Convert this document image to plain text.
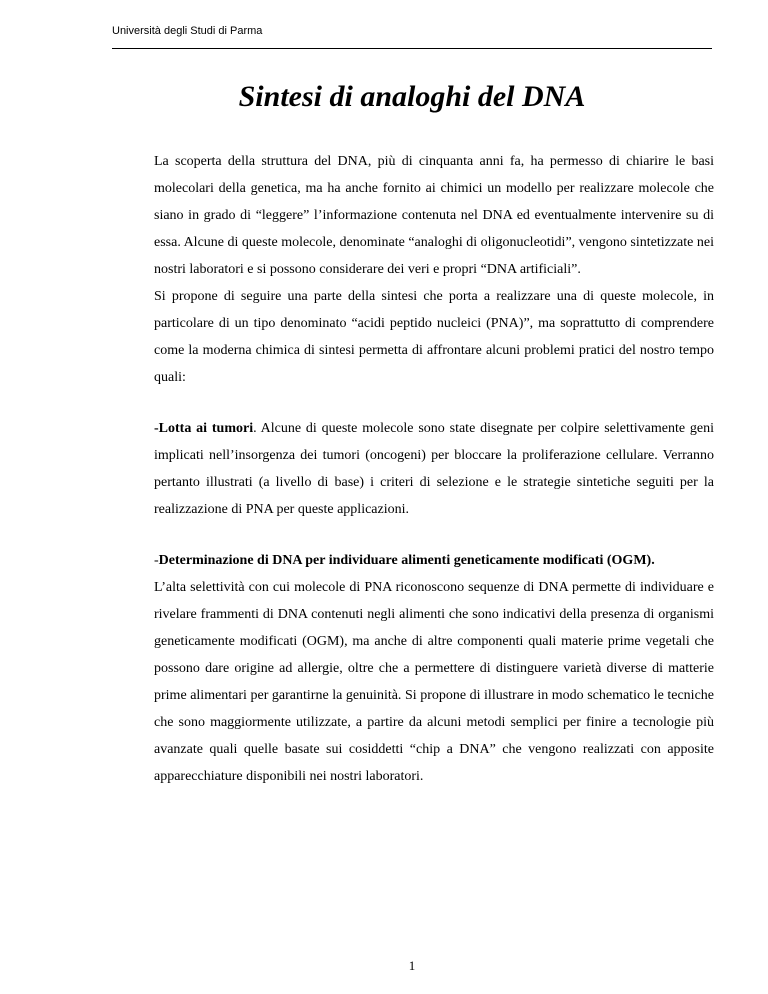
Università degli Studi di Parma
Sintesi di analoghi del DNA

La scoperta della struttura del DNA, più di cinquanta anni fa, ha permesso di chiarire le basi molecolari della genetica, ma ha anche fornito ai chimici un modello per realizzare molecole che siano in grado di “leggere” l’informazione contenuta nel DNA ed eventualmente intervenire su di essa. Alcune di queste molecole, denominate “analoghi di oligonucleotidi”, vengono sintetizzate nei nostri laboratori e si possono considerare dei veri e propri “DNA artificiali”.

Si propone di seguire una parte della sintesi che porta a realizzare una di queste molecole, in particolare di un tipo denominato “acidi peptido nucleici (PNA)”, ma soprattutto di comprendere come la moderna chimica di sintesi permetta di affrontare alcuni problemi pratici del nostro tempo quali:

-Lotta ai tumori. Alcune di queste molecole sono state disegnate per colpire selettivamente geni implicati nell’insorgenza dei tumori (oncogeni) per bloccare la proliferazione cellulare. Verranno pertanto illustrati (a livello di base) i criteri di selezione e le strategie sintetiche seguiti per la realizzazione di PNA per queste applicazioni.

-Determinazione di DNA per individuare alimenti geneticamente modificati (OGM).

L’alta selettività con cui molecole di PNA riconoscono sequenze di DNA permette di individuare e rivelare frammenti di DNA contenuti negli alimenti che sono indicativi della presenza di organismi geneticamente modificati (OGM), ma anche di altre componenti quali materie prime vegetali che possono dare origine ad allergie, oltre che a permettere di distinguere varietà diverse di matterie prime alimentari per garantirne la genuinità. Si propone di illustrare in modo schematico le tecniche che sono maggiormente utilizzate, a partire da alcuni metodi semplici per finire a tecnologie più avanzate quali quelle basate sui cosiddetti “chip a DNA” che vengono realizzati con apposite apparecchiature disponibili nei nostri laboratori.

1
